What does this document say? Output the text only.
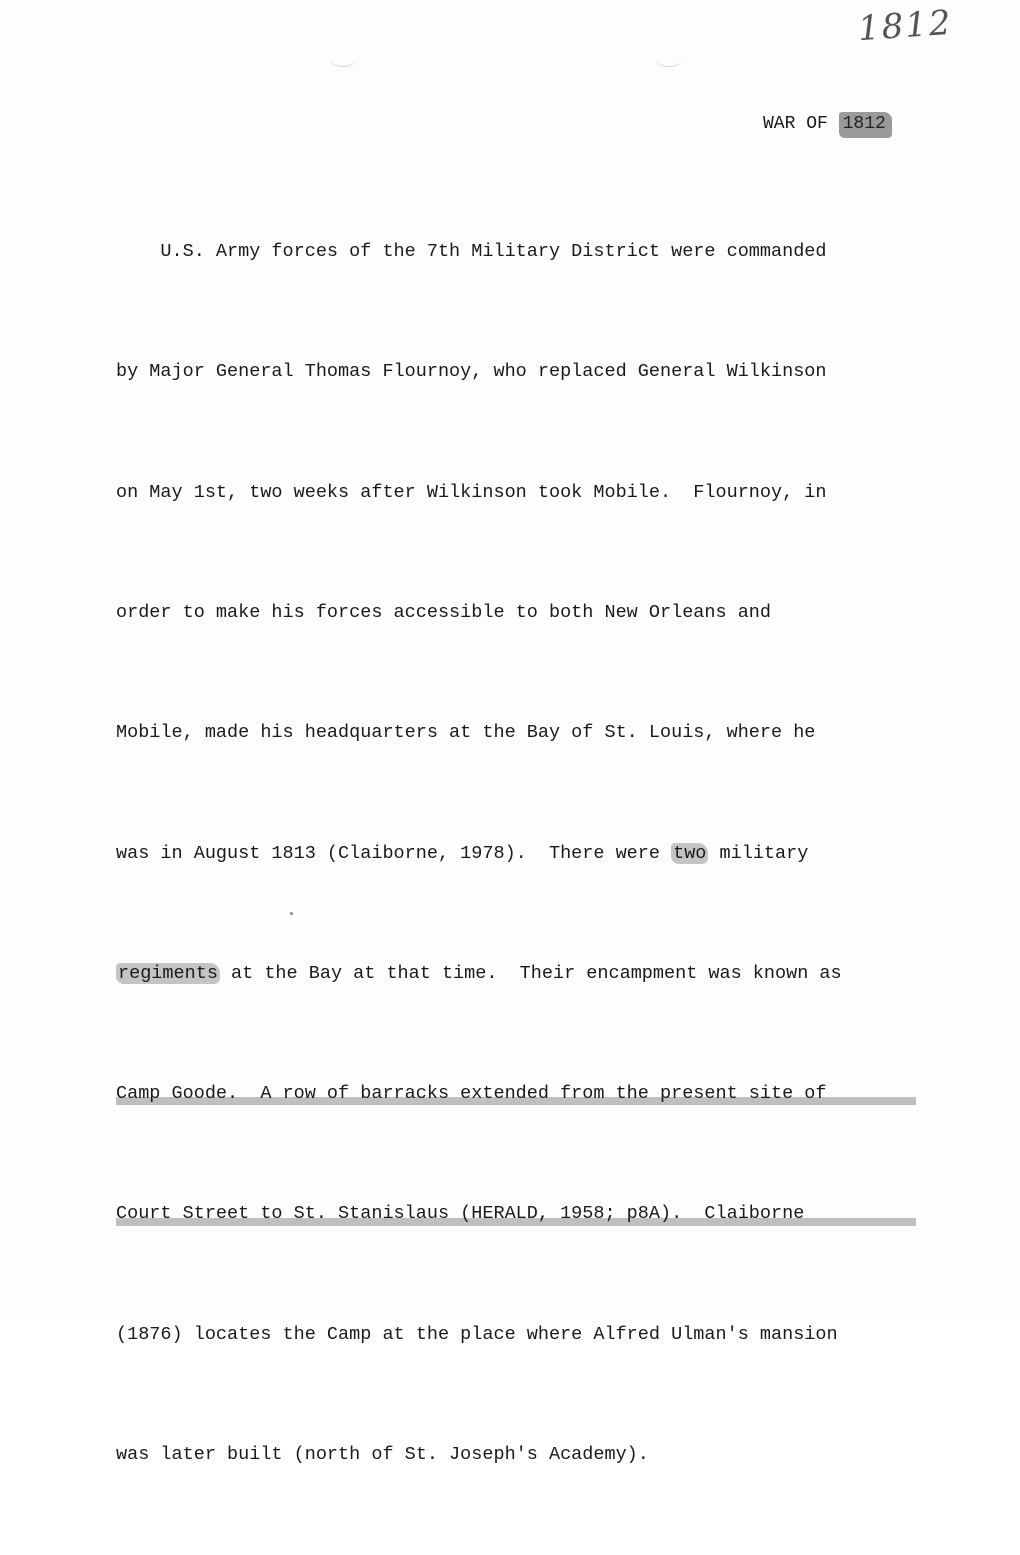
1812
WAR OF 1812

U.S. Army forces of the 7th Military District were commanded

by Major General Thomas Flournoy, who replaced General Wilkinson

on May 1st, two weeks after Wilkinson took Mobile.  Flournoy, in

order to make his forces accessible to both New Orleans and

Mobile, made his headquarters at the Bay of St. Louis, where he

was in August 1813 (Claiborne, 1978).  There were two military

regiments at the Bay at that time.  Their encampment was known as

Camp Goode.  A row of barracks extended from the present site of

Court Street to St. Stanislaus (HERALD, 1958; p8A).  Claiborne

(1876) locates the Camp at the place where Alfred Ulman's mansion

was later built (north of St. Joseph's Academy).
